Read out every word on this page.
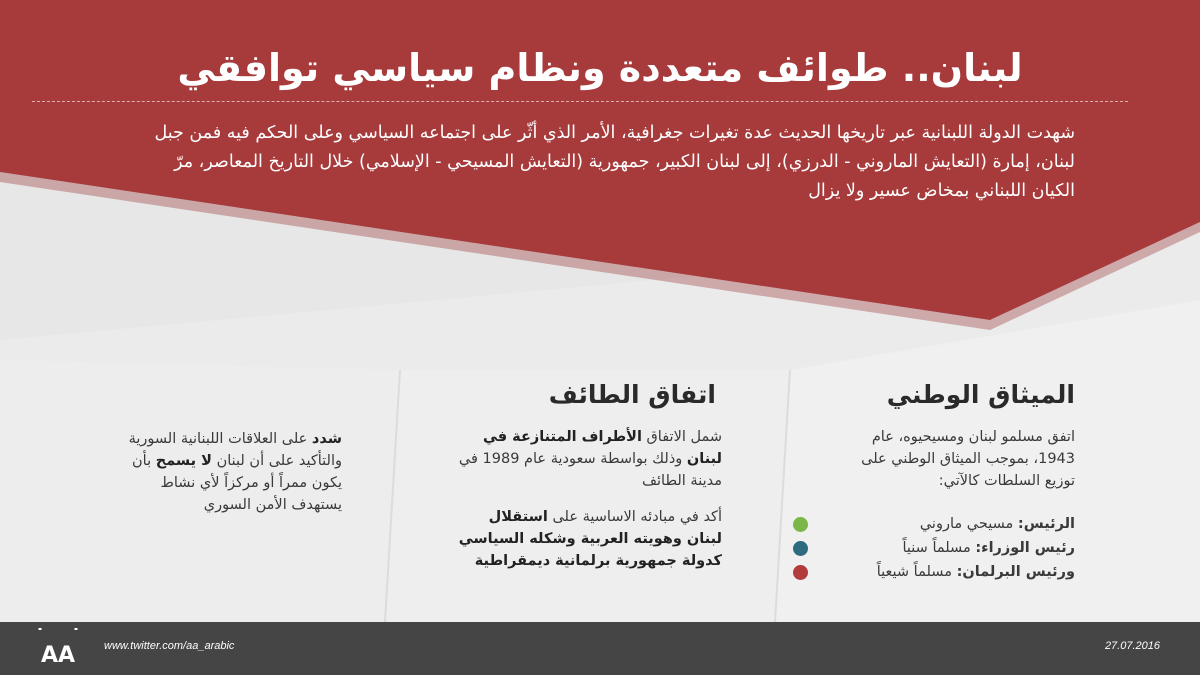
لبنان.. طوائف متعددة ونظام سياسي توافقي
شهدت الدولة اللبنانية عبر تاريخها الحديث عدة تغيرات جغرافية، الأمر الذي أثّر على اجتماعه السياسي وعلى الحكم فيه فمن جبل لبنان، إمارة (التعايش الماروني - الدرزي)، إلى لبنان الكبير، جمهورية (التعايش المسيحي - الإسلامي) خلال التاريخ المعاصر، مرّ الكيان اللبناني بمخاض عسير ولا يزال
الميثاق الوطني
اتفق مسلمو لبنان ومسيحيوه، عام 1943، بموجب الميثاق الوطني على توزيع السلطات كالآتي:
الرئيس: مسيحي ماروني
رئيس الوزراء: مسلماً سنياً
ورئيس البرلمان: مسلماً شيعياً
اتفاق الطائف
شمل الاتفاق الأطراف المتنازعة في لبنان وذلك بواسطة سعودية عام 1989 في مدينة الطائف
أكد في مبادئه الاساسية على استقلال لبنان وهويته العربية وشكله السياسي كدولة جمهورية برلمانية ديمقراطية
شدد على العلاقات اللبنانية السورية والتأكيد على أن لبنان لا يسمح بأن يكون ممراً أو مركزاً لأي نشاط يستهدف الأمن السوري
AA	www.twitter.com/aa_arabic	27.07.2016
